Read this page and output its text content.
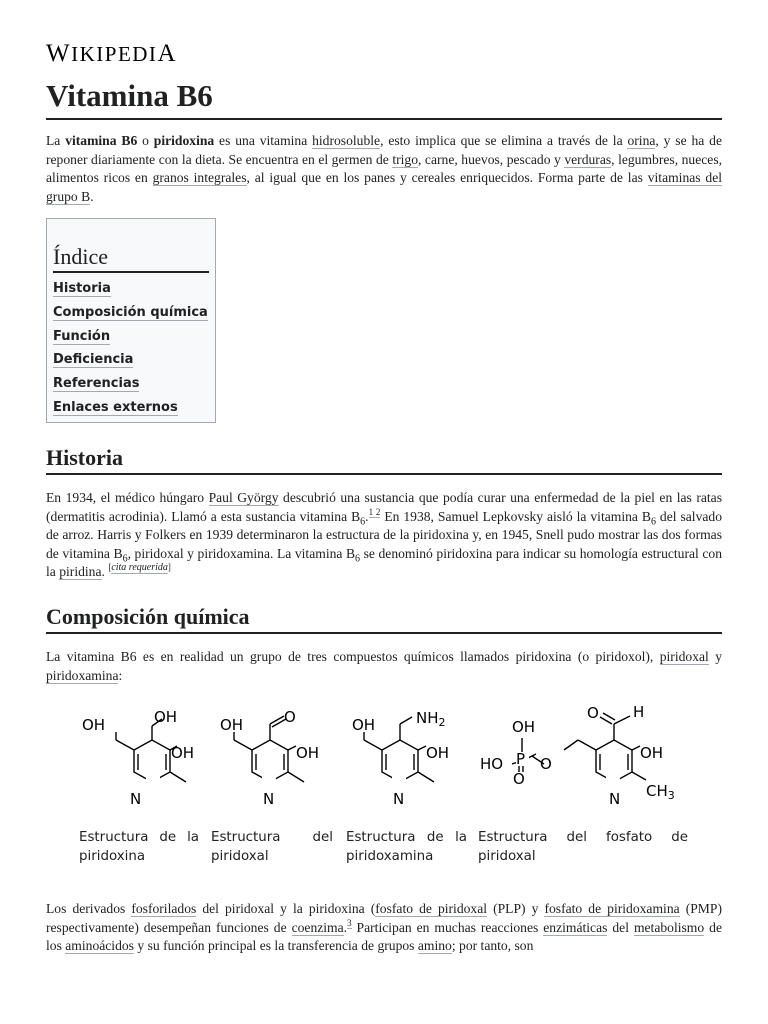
WIKIPEDIA
Vitamina B6

La vitamina B6 o piridoxina es una vitamina hidrosoluble, esto implica que se elimina a través de la orina, y se ha de reponer diariamente con la dieta. Se encuentra en el germen de trigo, carne, huevos, pescado y verduras, legumbres, nueces, alimentos ricos en granos integrales, al igual que en los panes y cereales enriquecidos. Forma parte de las vitaminas del grupo B.

Índice
Historia
Composición química
Función
Deficiencia
Referencias
Enlaces externos
Historia

En 1934, el médico húngaro Paul György descubrió una sustancia que podía curar una enfermedad de la piel en las ratas (dermatitis acrodinia). Llamó a esta sustancia vitamina $B_6.^{1 2}$ En 1938, Samuel Lepkovsky aisló la vitamina $B_6$ del salvado de arroz. Harris y Folkers en 1939 determinaron la estructura de la piridoxina y, en 1945, Snell pudo mostrar las dos formas de vitamina $B_6$, piridoxal y piridoxamina. La vitamina $B_6$ se denominó piridoxina para indicar su homología estructural con la piridina. [cita requerida]

Composición química

La vitamina B6 es en realidad un grupo de tres compuestos químicos llamados piridoxina (o piridoxol), piridoxal y piridoxamina:

OH	OH
OH
N
OH	O
OH
N
OH	$NH_2$
OH
N
O H
OH
P
HO
O
O
OH
N $CH_3$
Estructura de la piridoxina
Estructura del piridoxal
Estructura de la piridoxamina
Estructura del fosfato de piridoxal

Los derivados fosforilados del piridoxal y la piridoxina (fosfato de piridoxal (PLP) y fosfato de piridoxamina (PMP) respectivamente) desempeñan funciones de coenzima.$^3$ Participan en muchas reacciones enzimáticas del metabolismo de los aminoácidos y su función principal es la transferencia de grupos amino; por tanto, son
